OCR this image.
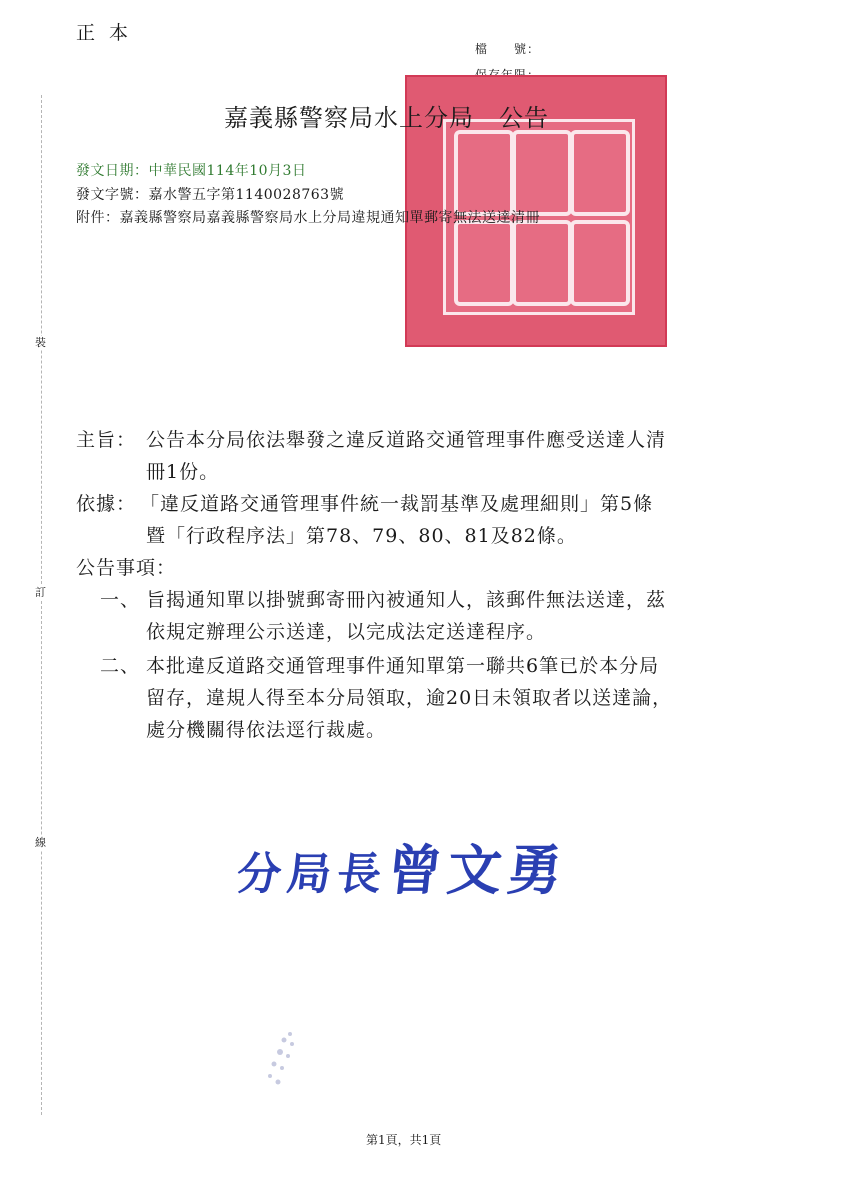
正本
檔　　號：
嘉義縣警察局水上分局　公告
發文日期：中華民國114年10月3日
發文字號：嘉水警五字第1140028763號
附件：嘉義縣警察局嘉義縣警察局水上分局違規通知單郵寄無法送達清冊
裝
訂
線
主旨： 公告本分局依法舉發之違反道路交通管理事件應受送達人清
冊1份。
依據： 「違反道路交通管理事件統一裁罰基準及處理細則」第5條
暨「行政程序法」第78、79、80、81及82條。
公告事項：
一、 旨揭通知單以掛號郵寄冊內被通知人，該郵件無法送達，茲
依規定辦理公示送達，以完成法定送達程序。
二、 本批違反道路交通管理事件通知單第一聯共6筆已於本分局
留存，違規人得至本分局領取，逾20日未領取者以送達論，
處分機關得依法逕行裁處。
分局長曾文勇
第1頁，共1頁
